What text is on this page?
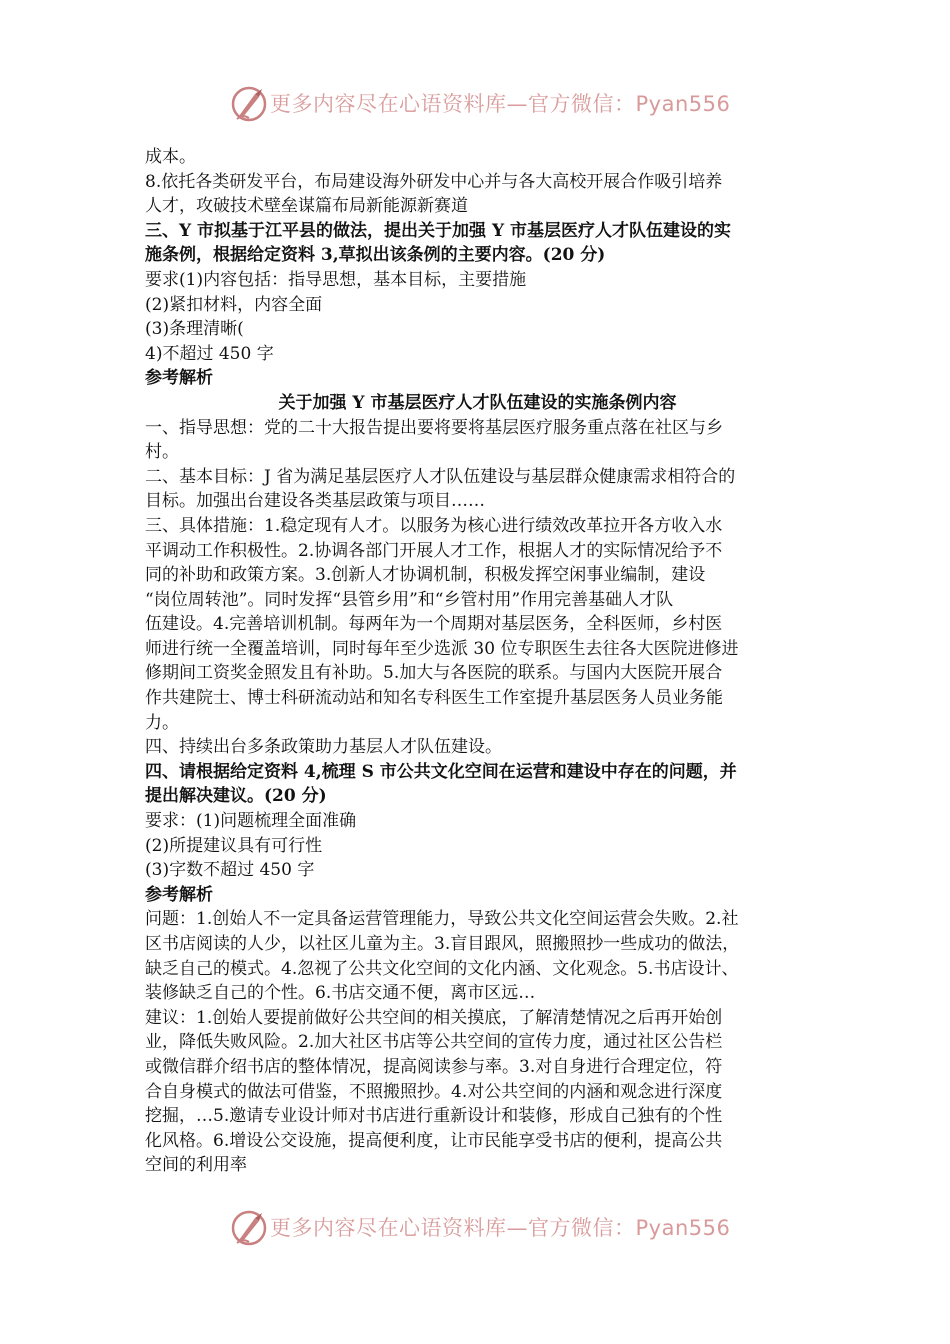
更多内容尽在心语资料库—官方微信：Pyan556
成本。
8.依托各类研发平台，布局建设海外研发中心并与各大高校开展合作吸引培养
人才，攻破技术壁垒谋篇布局新能源新赛道
三、Y 市拟基于江平县的做法，提出关于加强 Y 市基层医疗人才队伍建设的实
施条例，根据给定资料 3,草拟出该条例的主要内容。(20 分)
要求(1)内容包括：指导思想，基本目标，主要措施
(2)紧扣材料，内容全面
(3)条理清晰(
4)不超过 450 字
参考解析
关于加强 Y 市基层医疗人才队伍建设的实施条例内容
一、指导思想：党的二十大报告提出要将要将基层医疗服务重点落在社区与乡
村。
二、基本目标：J 省为满足基层医疗人才队伍建设与基层群众健康需求相符合的
目标。加强出台建设各类基层政策与项目……
三、具体措施：1.稳定现有人才。以服务为核心进行绩效改革拉开各方收入水
平调动工作积极性。2.协调各部门开展人才工作，根据人才的实际情况给予不
同的补助和政策方案。3.创新人才协调机制，积极发挥空闲事业编制，建设
“岗位周转池”。同时发挥“县管乡用”和“乡管村用”作用完善基础人才队
伍建设。4.完善培训机制。每两年为一个周期对基层医务，全科医师，乡村医
师进行统一全覆盖培训，同时每年至少选派 30 位专职医生去往各大医院进修进
修期间工资奖金照发且有补助。5.加大与各医院的联系。与国内大医院开展合
作共建院士、博士科研流动站和知名专科医生工作室提升基层医务人员业务能
力。
四、持续出台多条政策助力基层人才队伍建设。
四、请根据给定资料 4,梳理 S 市公共文化空间在运营和建设中存在的问题，并
提出解决建议。(20 分)
要求：(1)问题梳理全面准确
(2)所提建议具有可行性
(3)字数不超过 450 字
参考解析
问题：1.创始人不一定具备运营管理能力，导致公共文化空间运营会失败。2.社
区书店阅读的人少，以社区儿童为主。3.盲目跟风，照搬照抄一些成功的做法，
缺乏自己的模式。4.忽视了公共文化空间的文化内涵、文化观念。5.书店设计、
装修缺乏自己的个性。6.书店交通不便，离市区远…
建议：1.创始人要提前做好公共空间的相关摸底，了解清楚情况之后再开始创
业，降低失败风险。2.加大社区书店等公共空间的宣传力度，通过社区公告栏
或微信群介绍书店的整体情况，提高阅读参与率。3.对自身进行合理定位，符
合自身模式的做法可借鉴，不照搬照抄。4.对公共空间的内涵和观念进行深度
挖掘，…5.邀请专业设计师对书店进行重新设计和装修，形成自己独有的个性
化风格。6.增设公交设施，提高便利度，让市民能享受书店的便利，提高公共
空间的利用率
更多内容尽在心语资料库—官方微信：Pyan556
